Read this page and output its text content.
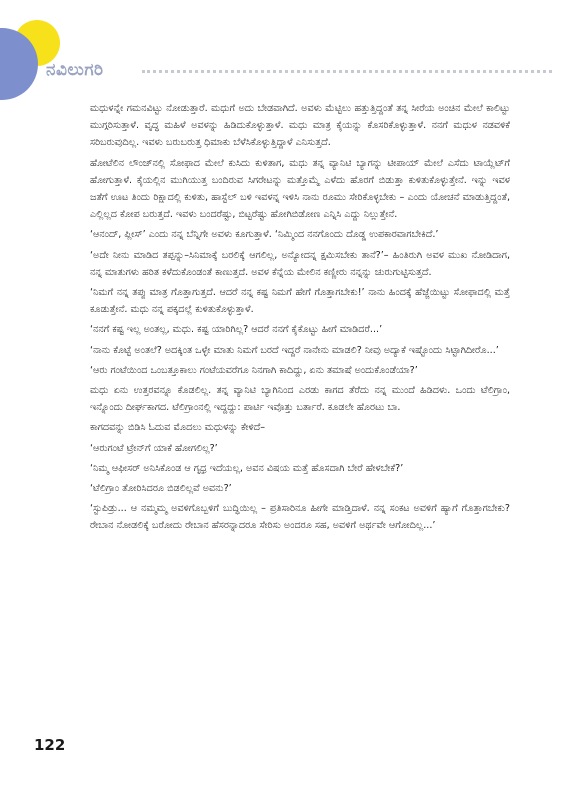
ನವಿಲುಗರಿ

ಮಧುಳನ್ನೇ ಗಮನವಿಟ್ಟು ನೋಡುತ್ತಾರೆ. ಮಧುಗೆ ಅದು ಬೇಡವಾಗಿದೆ. ಅವಳು ಮೆಟ್ಟಿಲು ಹತ್ತುತ್ತಿದ್ದಂತೆ ತನ್ನ ಸೀರೆಯ ಅಂಚಿನ ಮೇಲೆ ಕಾಲಿಟ್ಟು ಮುಗ್ಗರಿಸುತ್ತಾಳೆ. ವೃದ್ಧ ಮಹಿಳೆ ಅವಳನ್ನು ಹಿಡಿದುಕೊಳ್ಳುತ್ತಾಳೆ. ಮಧು ಮಾತ್ರ ಕೈಯನ್ನು ಕೊಸರಿಕೊಳ್ಳುತ್ತಾಳೆ. ನನಗೆ ಮಧುಳ ನಡವಳಿಕೆ ಸರಿಬರುವುದಿಲ್ಲ. ಇವಳು ಬರುಬರುತ್ತ ಧಿಮಾಕು ಬೆಳೆಸಿಕೊಳ್ಳುತ್ತಿದ್ದಾಳೆ ಎನಿಸುತ್ತದೆ.

ಹೋಟೆಲಿನ ಲೌಂಜ್‌ನಲ್ಲಿ ಸೋಫಾದ ಮೇಲೆ ಕುಸಿದು ಕುಳಿತಾಗ, ಮಧು ತನ್ನ ವ್ಯಾನಿಟಿ ಬ್ಯಾಗನ್ನು ಟೀಪಾಯ್ ಮೇಲೆ ಎಸೆದು ಟಾಯ್ಲೆಟ್‌ಗೆ ಹೋಗುತ್ತಾಳೆ. ಕೈಯಲ್ಲಿನ ಮುಗಿಯುತ್ತ ಬಂದಿರುವ ಸಿಗರೇಟನ್ನು ಮತ್ತೊಮ್ಮೆ ಎಳೆದು ಹೊರಗೆ ಬಿಡುತ್ತಾ ಕುಳಿತುಕೊಳ್ಳುತ್ತೇನೆ. ಇನ್ನು ಇವಳ ಜತೆಗೆ ಊಟ ತಿಂದು ರಿಕ್ಷಾದಲ್ಲಿ ಕುಳಿತು, ಹಾಸ್ಟೆಲ್ ಬಳಿ ಇವಳನ್ನ ಇಳಿಸಿ ನಾನು ರೂಮು ಸೇರಿಕೊಳ್ಳಬೇಕು – ಎಂದು ಯೋಚನೆ ಮಾಡುತ್ತಿದ್ದಂತೆ, ಎಲ್ಲಿಲ್ಲದ ಕೋಪ ಬರುತ್ತದೆ. ಇವಳು ಬಂದರೆಷ್ಟು, ಬಿಟ್ಟರೆಷ್ಟು ಹೋಗಿಬಿಡೋಣ ಎನ್ನಿಸಿ ಎದ್ದು ನಿಲ್ಲುತ್ತೇನೆ.

‘ಆನಂದ್, ಪ್ಲೀಸ್’ ಎಂದು ನನ್ನ ಬೆನ್ನಿಗೇ ಅವಳು ಕೂಗುತ್ತಾಳೆ. ‘ನಿಮ್ಮಿಂದ ನನಗೊಂದು ದೊಡ್ಡ ಉಪಕಾರವಾಗಬೇಕಿದೆ.’

‘ಅದೇ ನೀನು ಮಾಡಿದ ತಪ್ಪನ್ನು–ಸಿನಿಮಾಕ್ಕೆ ಬರಲಿಕ್ಕೆ ಆಗಲಿಲ್ಲ, ಅನ್ಯೋದನ್ನ ಕ್ಷಮಿಸಬೇಕು ತಾನೆ?’– ಹಿಂತಿರುಗಿ ಅವಳ ಮುಖ ನೋಡಿದಾಗ, ನನ್ನ ಮಾತುಗಳು ಹರಿತ ಕಳೆದುಕೊಂಡಂತೆ ಕಾಣುತ್ತದೆ. ಅವಳ ಕೆನ್ನೆಯ ಮೇಲಿನ ಕಣ್ಣೀರು ನನ್ನನ್ನು ಚುರುಗುಟ್ಟಿಸುತ್ತದೆ.

‘ನಿಮಗೆ ನನ್ನ ತಪ್ಪು ಮಾತ್ರ ಗೊತ್ತಾಗುತ್ತದೆ. ಆದರೆ ನನ್ನ ಕಷ್ಟ ನಿಮಗೆ ಹೇಗೆ ಗೊತ್ತಾಗಬೇಕು!’ ನಾನು ಹಿಂದಕ್ಕೆ ಹೆಜ್ಜೆಯಿಟ್ಟು ಸೋಫಾದಲ್ಲಿ ಮತ್ತೆ ಕೂಡುತ್ತೇನೆ. ಮಧು ನನ್ನ ಪಕ್ಕದಲ್ಲೆ ಕುಳಿತುಕೊಳ್ಳುತ್ತಾಳೆ.

‘ನನಗೆ ಕಷ್ಟ ಇಲ್ಲ ಅಂತಲ್ಲ, ಮಧು. ಕಷ್ಟ ಯಾರಿಗಿಲ್ಲ? ಆದರೆ ನನಗೆ ಕೈಕೊಟ್ಟು ಹೀಗೆ ಮಾಡಿದರೆ...’

‘ನಾನು ಕೊಟ್ಟೆ ಅಂತಲೆ? ಅದಕ್ಕಿಂತ ಒಳ್ಳೇ ಮಾತು ನಿಮಗೆ ಬರದೆ ಇದ್ದರೆ ನಾನೇನು ಮಾಡಲಿ? ನೀವು ಅದ್ಯಾಕೆ ಇಷ್ಟೊಂದು ಸಿಟ್ಟಾಗಿದೀರೊ...’

‘ಆರು ಗಂಟೆಯಿಂದ ಒಂಬತ್ತೂಕಾಲು ಗಂಟೆಯವರೆಗೂ ನಿನಗಾಗಿ ಕಾದಿದ್ದು, ಏನು ತಮಾಷೆ ಅಂದುಕೊಂಡೆಯಾ?’

ಮಧು ಏನು ಉತ್ತರವನ್ನೂ ಕೊಡಲಿಲ್ಲ. ತನ್ನ ವ್ಯಾನಿಟಿ ಬ್ಯಾಗಿನಿಂದ ಎರಡು ಕಾಗದ ತೆರೆದು ನನ್ನ ಮುಂದೆ ಹಿಡಿದಳು. ಒಂದು ಟೆಲಿಗ್ರಾಂ, ಇನ್ನೊಂದು ದೀರ್ಘಕಾಗದ. ಟೆಲಿಗ್ರಾಂನಲ್ಲಿ ಇದ್ದದ್ದು: ಪಾರ್ಟಿ ಇವೊತ್ತು ಬರ್ತಾರೆ. ಕೂಡಲೇ ಹೊರಟು ಬಾ.

ಕಾಗದವನ್ನು ಬಿಡಿಸಿ ಓದುವ ಮೊದಲು ಮಧುಳನ್ನು ಕೇಳಿದೆ–

‘ಆರುಗಂಟೆ ಟ್ರೇನ್‌ಗೆ ಯಾಕೆ ಹೋಗಲಿಲ್ಲ?’

‘ನಿಮ್ಮ ಆಫೀಸರ್ ಅನಿಸಿಕೊಂಡ ಆ ಗೃಧ್ರ ಇದೆಯಲ್ಲ, ಅವನ ವಿಷಯ ಮತ್ತೆ ಹೊಸದಾಗಿ ಬೇರೆ ಹೇಳಬೇಕೆ?’

‘ಟೆಲಿಗ್ರಾಂ ತೋರಿಸಿದರೂ ಬಿಡಲಿಲ್ಲವೆ ಅವನು?’

‘ಸ್ಟುಪಿಡ್ರು... ಆ ನಮ್ಮಮ್ಮ ಅವಳಿಗೊಬ್ಬಳಿಗೆ ಬುದ್ಧಿಯಿಲ್ಲ – ಪ್ರತಿಸಾರಿನೂ ಹೀಗೇ ಮಾಡ್ತಿದಾಳೆ. ನನ್ನ ಸಂಕಟ ಅವಳಿಗೆ ಹ್ಯಾಗೆ ಗೊತ್ತಾಗಬೇಕು? ರೇಬಾನ ನೋಡಲಿಕ್ಕೆ ಬರೋದು ರೇಬಾನ ಹೆಸರನ್ನಾದರೂ ಸೇರಿಸು ಅಂದರೂ ಸಹ, ಅವಳಿಗೆ ಅರ್ಥವೇ ಆಗೋದಿಲ್ಲ...’

122
